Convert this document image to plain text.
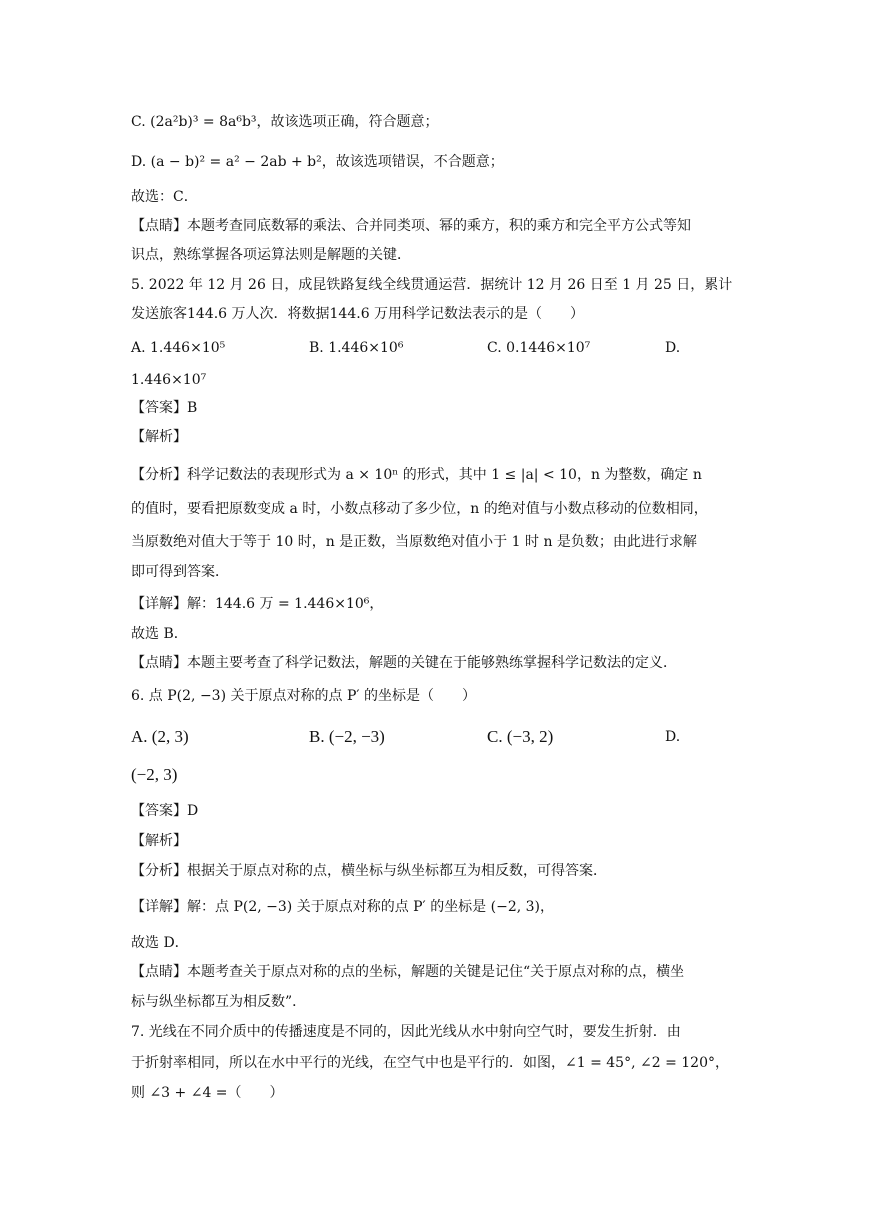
C. (2a²b)³ = 8a⁶b³，故该选项正确，符合题意；
D. (a − b)² = a² − 2ab + b²，故该选项错误，不合题意；
故选：C．
【点睛】本题考查同底数幂的乘法、合并同类项、幂的乘方，积的乘方和完全平方公式等知
识点，熟练掌握各项运算法则是解题的关键．
5. 2022 年 12 月 26 日，成昆铁路复线全线贯通运营．据统计 12 月 26 日至 1 月 25 日，累计
发送旅客144.6 万人次．将数据144.6 万用科学记数法表示的是（　　）
A. 1.446×10⁵	B. 1.446×10⁶	C. 0.1446×10⁷	D.
1.446×10⁷
【答案】B
【解析】
【分析】科学记数法的表现形式为 a × 10ⁿ 的形式，其中 1 ≤ |a| < 10，n 为整数，确定 n
的值时，要看把原数变成 a 时，小数点移动了多少位，n 的绝对值与小数点移动的位数相同，
当原数绝对值大于等于 10 时，n 是正数，当原数绝对值小于 1 时 n 是负数；由此进行求解
即可得到答案．
【详解】解：144.6 万 = 1.446×10⁶，
故选 B．
【点睛】本题主要考查了科学记数法，解题的关键在于能够熟练掌握科学记数法的定义．
6. 点 P(2, −3) 关于原点对称的点 P′ 的坐标是（　　）
A. (2, 3)	B. (−2, −3)	C. (−3, 2)	D.
(−2, 3)
【答案】D
【解析】
【分析】根据关于原点对称的点，横坐标与纵坐标都互为相反数，可得答案．
【详解】解：点 P(2, −3) 关于原点对称的点 P′ 的坐标是 (−2, 3)，
故选 D．
【点睛】本题考查关于原点对称的点的坐标，解题的关键是记住“关于原点对称的点，横坐
标与纵坐标都互为相反数”．
7. 光线在不同介质中的传播速度是不同的，因此光线从水中射向空气时，要发生折射．由
于折射率相同，所以在水中平行的光线，在空气中也是平行的．如图，∠1 = 45°, ∠2 = 120°，
则 ∠3 + ∠4 =（　　）
